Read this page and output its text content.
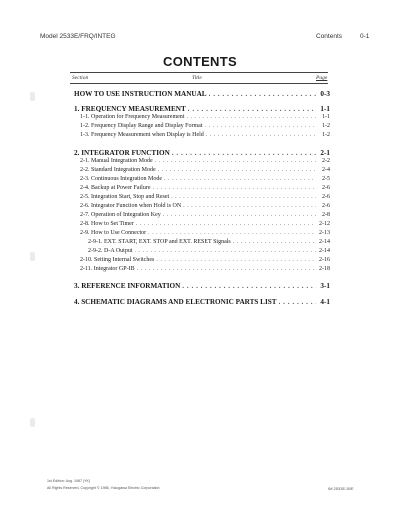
Model 2533E/FRQ/INTEG	Contents	0-1
CONTENTS
Section	Title	Page
HOW TO USE INSTRUCTION MANUAL . . .	0-3
1. FREQUENCY MEASUREMENT . . .	1-1
1-1. Operation for Frequency Measurement . . .	1-1
1-2. Frequency Display Range and Display Format . . .	1-2
1-3. Frequency Measurement when Display is Held . . .	1-2
2. INTEGRATOR FUNCTION . . .	2-1
2-1. Manual Integration Mode . . .	2-2
2-2. Standard Integration Mode . . .	2-4
2-3. Continuous Integration Mode . . .	2-5
2-4. Backup at Power Failure . . .	2-6
2-5. Integration Start, Stop and Reset . . .	2-6
2-6. Integrator Function when Hold is ON . . .	2-6
2-7. Operation of Integration Key . . .	2-8
2-8. How to Set Timer . . .	2-12
2-9. How to Use Connector . . .	2-13
2-9-1. EXT. START, EXT. STOP and EXT. RESET Signals . . .	2-14
2-9-2. D-A Output . . .	2-14
2-10. Setting Internal Switches . . .	2-16
2-11. Integrator GP-IB . . .	2-18
3. REFERENCE INFORMATION . . .	3-1
4. SCHEMATIC DIAGRAMS AND ELECTRONIC PARTS LIST . . .	4-1
1st Edition: Aug. 1987 (YK)
All Rights Reserved, Copyright © 1986, Yokogawa Electric Corporation	IM 2533E-50E
